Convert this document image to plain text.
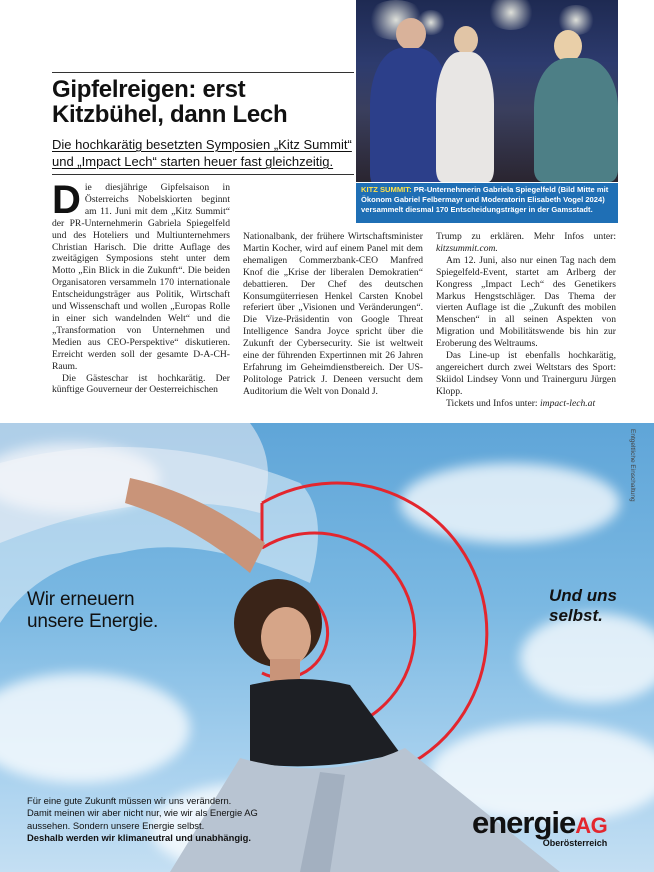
Gipfelreigen: erst Kitzbühel, dann Lech
Die hochkarätig besetzten Symposien „Kitz Summit“
und „Impact Lech“ starten heuer fast gleichzeitig.
KITZ SUMMIT: PR-Unternehmerin Gabriela Spiegelfeld (Bild Mitte mit Ökonom Gabriel Felbermayr und Moderatorin Elisabeth Vogel 2024) versammelt diesmal 170 Entscheidungsträger in der Gamsstadt.

Die diesjährige Gipfelsaison in Österreichs Nobelskiorten beginnt am 11. Juni mit dem „Kitz Summit“ der PR-Unternehmerin Gabriela Spiegelfeld und des Hoteliers und Multiunternehmers Christian Harisch. Die dritte Auflage des zweitägigen Symposions steht unter dem Motto „Ein Blick in die Zukunft“. Die beiden Organisatoren versammeln 170 internationale Entscheidungsträger aus Politik, Wirtschaft und Wissenschaft und wollen „Europas Rolle in einer sich wandelnden Welt“ und die „Transformation von Unternehmen und Medien aus CEO-Perspektive“ diskutieren. Erreicht werden soll der gesamte D-A-CH-Raum.

Die Gästeschar ist hochkarätig. Der künftige Gouverneur der Oesterreichischen

Nationalbank, der frühere Wirtschaftsminister Martin Kocher, wird auf einem Panel mit dem ehemaligen Commerzbank-CEO Manfred Knof die „Krise der liberalen Demokratien“ debattieren. Der Chef des deutschen Konsumgüterriesen Henkel Carsten Knobel referiert über „Visionen und Veränderungen“. Die Vize-Präsidentin von Google Threat Intelligence Sandra Joyce spricht über die Zukunft der Cybersecurity. Sie ist weltweit eine der führenden Expertinnen mit 26 Jahren Erfahrung im Geheimdienstbereich. Der US-Politologe Patrick J. Deneen versucht dem Auditorium die Welt von Donald J.

Trump zu erklären. Mehr Infos unter: kitzsummit.com.

Am 12. Juni, also nur einen Tag nach dem Spiegelfeld-Event, startet am Arlberg der Kongress „Impact Lech“ des Genetikers Markus Hengstschläger. Das Thema der vierten Auflage ist die „Zukunft des mobilen Menschen“ in all seinen Aspekten von Migration und Mobilitätswende bis hin zur Eroberung des Weltraums.

Das Line-up ist ebenfalls hochkarätig, angereichert durch zwei Weltstars des Sport: Skiidol Lindsey Vonn und Trainerguru Jürgen Klopp.

Tickets und Infos unter: impact-lech.at

Entgeltliche Einschaltung
Wir erneuern
unsere Energie.
Und uns
selbst.
Für eine gute Zukunft müssen wir uns verändern.
Damit meinen wir aber nicht nur, wie wir als Energie AG
aussehen. Sondern unsere Energie selbst.
Deshalb werden wir klimaneutral und unabhängig.	energieAG
Oberösterreich
